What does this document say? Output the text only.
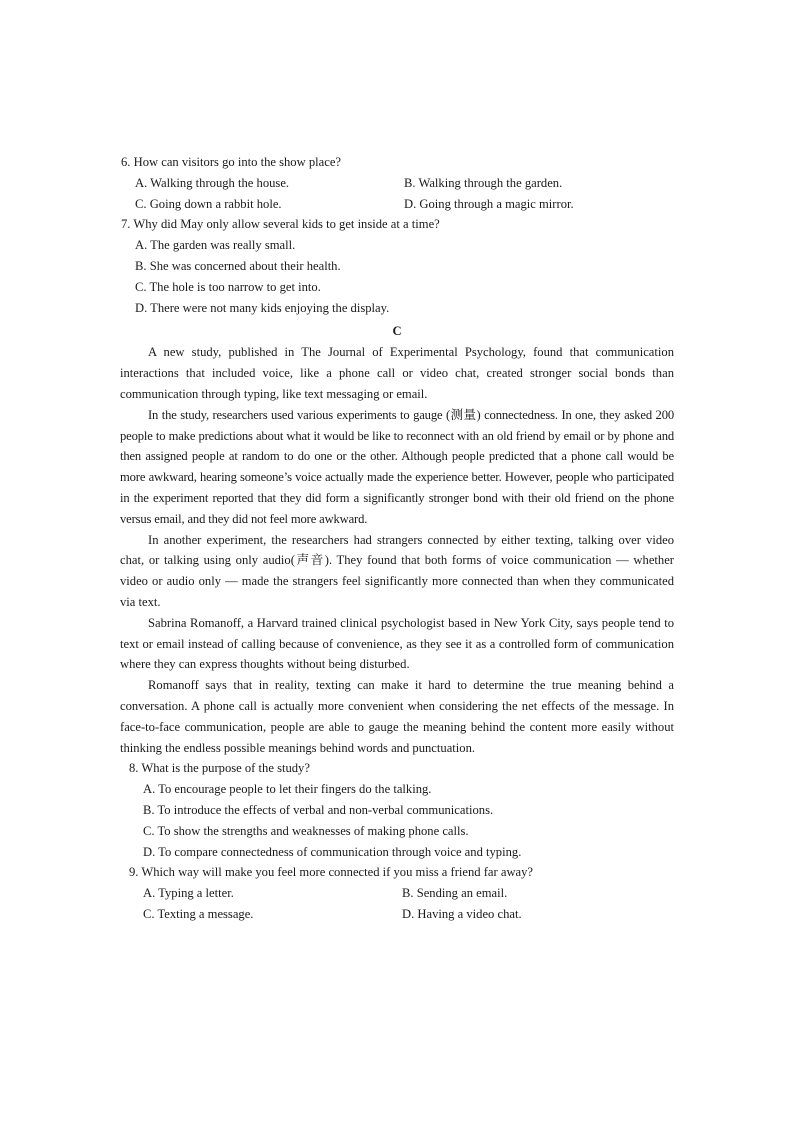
6. How can visitors go into the show place?
A. Walking through the house.	B. Walking through the garden.
C. Going down a rabbit hole.	D. Going through a magic mirror.
7. Why did May only allow several kids to get inside at a time?
A. The garden was really small.
B. She was concerned about their health.
C. The hole is too narrow to get into.
D. There were not many kids enjoying the display.
C
A new study, published in The Journal of Experimental Psychology, found that communication interactions that included voice, like a phone call or video chat, created stronger social bonds than communication through typing, like text messaging or email.
In the study, researchers used various experiments to gauge (测量) connectedness. In one, they asked 200 people to make predictions about what it would be like to reconnect with an old friend by email or by phone and then assigned people at random to do one or the other. Although people predicted that a phone call would be more awkward, hearing someone’s voice actually made the experience better. However, people who participated in the experiment reported that they did form a significantly stronger bond with their old friend on the phone versus email, and they did not feel more awkward.
In another experiment, the researchers had strangers connected by either texting, talking over video chat, or talking using only audio(声音). They found that both forms of voice communication — whether video or audio only — made the strangers feel significantly more connected than when they communicated via text.
Sabrina Romanoff, a Harvard trained clinical psychologist based in New York City, says people tend to text or email instead of calling because of convenience, as they see it as a controlled form of communication where they can express thoughts without being disturbed.
Romanoff says that in reality, texting can make it hard to determine the true meaning behind a conversation. A phone call is actually more convenient when considering the net effects of the message. In face-to-face communication, people are able to gauge the meaning behind the content more easily without thinking the endless possible meanings behind words and punctuation.
8. What is the purpose of the study?
A. To encourage people to let their fingers do the talking.
B. To introduce the effects of verbal and non-verbal communications.
C. To show the strengths and weaknesses of making phone calls.
D. To compare connectedness of communication through voice and typing.
9. Which way will make you feel more connected if you miss a friend far away?
A. Typing a letter.	B. Sending an email.
C. Texting a message.	D. Having a video chat.
